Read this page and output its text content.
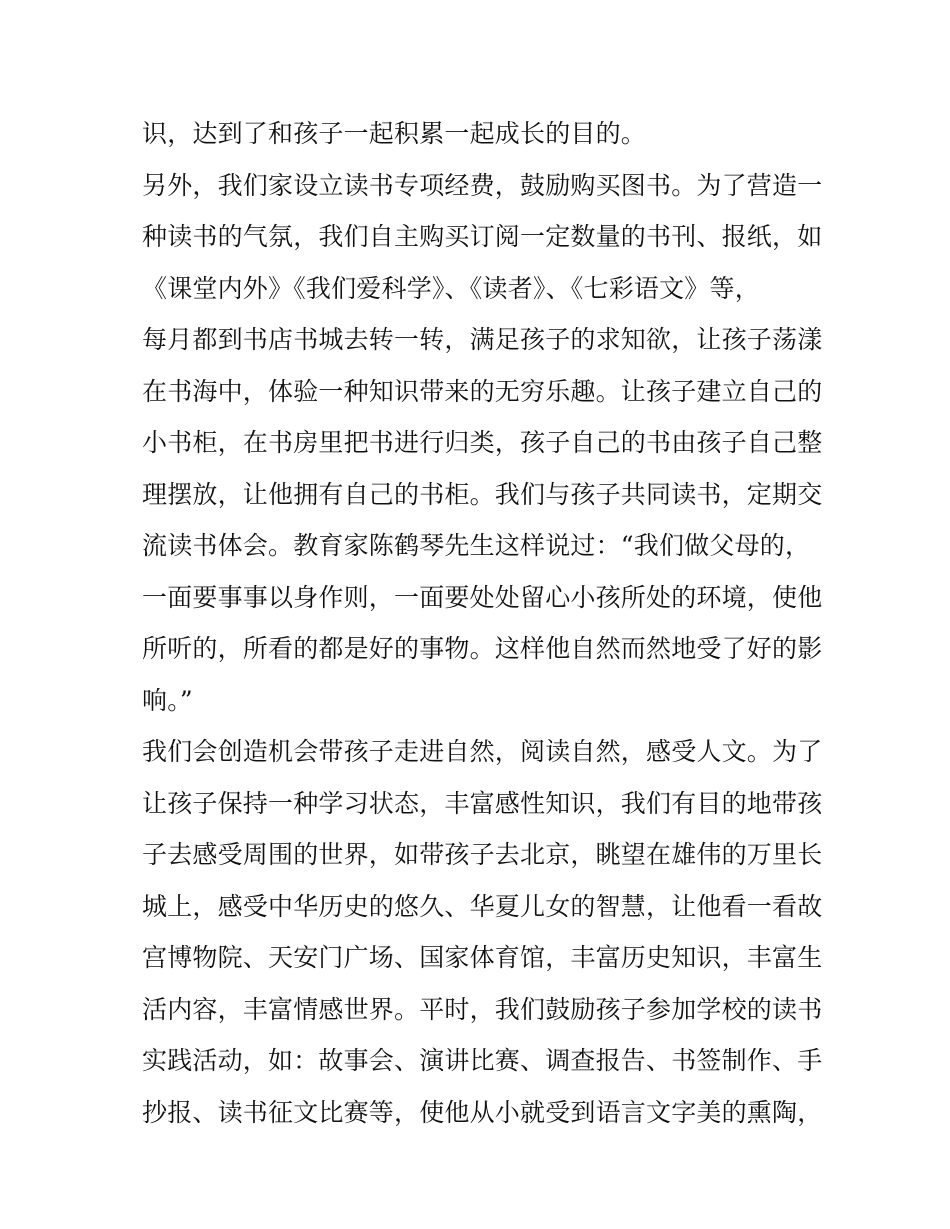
识，达到了和孩子一起积累一起成长的目的。
另外，我们家设立读书专项经费，鼓励购买图书。为了营造一
种读书的气氛，我们自主购买订阅一定数量的书刊、报纸，如
《课堂内外》《我们爱科学》、《读者》、《七彩语文》等，
每月都到书店书城去转一转，满足孩子的求知欲，让孩子荡漾
在书海中，体验一种知识带来的无穷乐趣。让孩子建立自己的
小书柜，在书房里把书进行归类，孩子自己的书由孩子自己整
理摆放，让他拥有自己的书柜。我们与孩子共同读书，定期交
流读书体会。教育家陈鹤琴先生这样说过：“我们做父母的，
一面要事事以身作则，一面要处处留心小孩所处的环境，使他
所听的，所看的都是好的事物。这样他自然而然地受了好的影
响。”
我们会创造机会带孩子走进自然，阅读自然，感受人文。为了
让孩子保持一种学习状态，丰富感性知识，我们有目的地带孩
子去感受周围的世界，如带孩子去北京，眺望在雄伟的万里长
城上，感受中华历史的悠久、华夏儿女的智慧，让他看一看故
宫博物院、天安门广场、国家体育馆，丰富历史知识，丰富生
活内容，丰富情感世界。平时，我们鼓励孩子参加学校的读书
实践活动，如：故事会、演讲比赛、调查报告、书签制作、手
抄报、读书征文比赛等，使他从小就受到语言文字美的熏陶，
